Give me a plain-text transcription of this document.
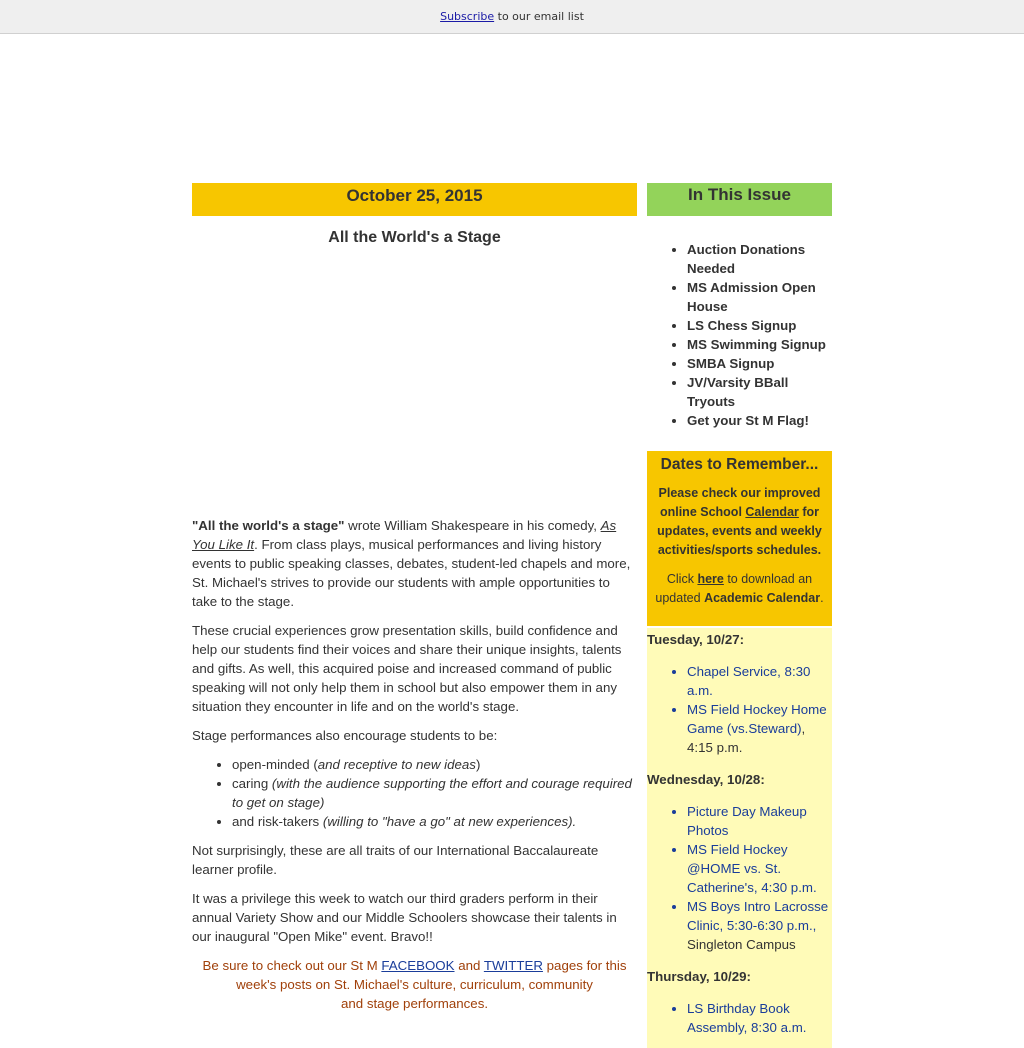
Subscribe to our email list
October 25, 2015
All the World's a Stage

"All the world's a stage" wrote William Shakespeare in his comedy, As You Like It. From class plays, musical performances and living history events to public speaking classes, debates, student-led chapels and more, St. Michael's strives to provide our students with ample opportunities to take to the stage.

These crucial experiences grow presentation skills, build confidence and help our students find their voices and share their unique insights, talents and gifts. As well, this acquired poise and increased command of public speaking will not only help them in school but also empower them in any situation they encounter in life and on the world's stage.

Stage performances also encourage students to be:

• open-minded (and receptive to new ideas)
• caring (with the audience supporting the effort and courage required to get on stage)
• and risk-takers (willing to "have a go" at new experiences).

Not surprisingly, these are all traits of our International Baccalaureate learner profile.

It was a privilege this week to watch our third graders perform in their annual Variety Show and our Middle Schoolers showcase their talents in our inaugural "Open Mike" event. Bravo!!

Be sure to check out our St M FACEBOOK and TWITTER pages for this week's posts on St. Michael's culture, curriculum, community
and stage performances.

In This Issue
• Auction Donations Needed
• MS Admission Open House
• LS Chess Signup
• MS Swimming Signup
• SMBA Signup
• JV/Varsity BBall Tryouts
• Get your St M Flag!
Dates to Remember...

Please check our improved online School Calendar for updates, events and weekly activities/sports schedules.

Click here to download an updated Academic Calendar.

Tuesday, 10/27:
• Chapel Service, 8:30 a.m.
• MS Field Hockey Home Game (vs.Steward), 4:15 p.m.
Wednesday, 10/28:
• Picture Day Makeup Photos
• MS Field Hockey @HOME vs. St. Catherine's, 4:30 p.m.
• MS Boys Intro Lacrosse Clinic, 5:30-6:30 p.m., Singleton Campus
Thursday, 10/29:
• LS Birthday Book Assembly, 8:30 a.m.
